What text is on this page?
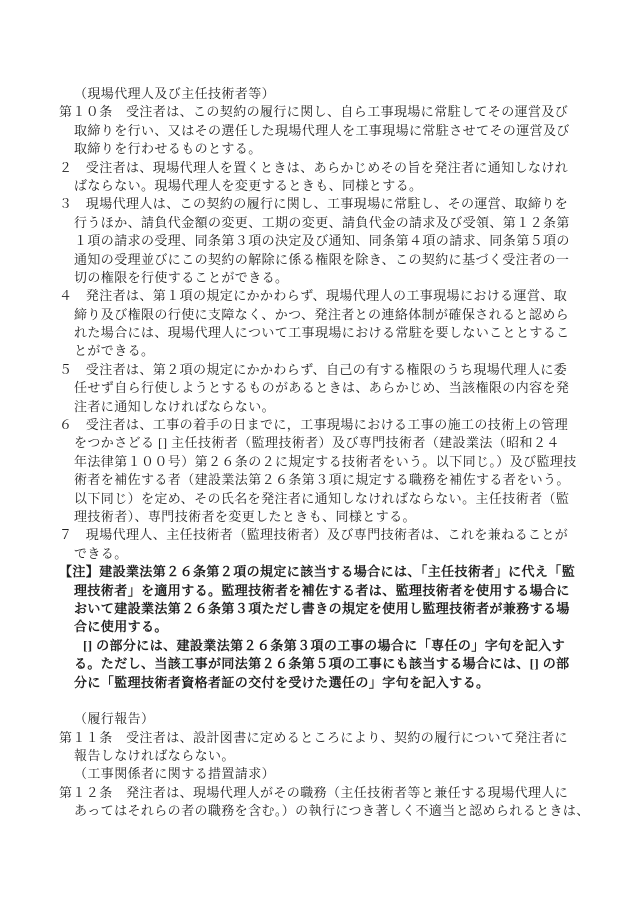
（現場代理人及び主任技術者等）
第１０条　受注者は、この契約の履行に関し、自ら工事現場に常駐してその運営及び
取締りを行い、又はその選任した現場代理人を工事現場に常駐させてその運営及び
取締りを行わせるものとする。
２　受注者は、現場代理人を置くときは、あらかじめその旨を発注者に通知しなけれ
ばならない。現場代理人を変更するときも、同様とする。
３　現場代理人は、この契約の履行に関し、工事現場に常駐し、その運営、取締りを
行うほか、請負代金額の変更、工期の変更、請負代金の請求及び受領、第１２条第
１項の請求の受理、同条第３項の決定及び通知、同条第４項の請求、同条第５項の
通知の受理並びにこの契約の解除に係る権限を除き、この契約に基づく受注者の一
切の権限を行使することができる。
４　発注者は、第１項の規定にかかわらず、現場代理人の工事現場における運営、取
締り及び権限の行使に支障なく、かつ、発注者との連絡体制が確保されると認めら
れた場合には、現場代理人について工事現場における常駐を要しないこととするこ
とができる。
５　受注者は、第２項の規定にかかわらず、自己の有する権限のうち現場代理人に委
任せず自ら行使しようとするものがあるときは、あらかじめ、当該権限の内容を発
注者に通知しなければならない。
６　受注者は、工事の着手の日までに，工事現場における工事の施工の技術上の管理
をつかさどる [] 主任技術者（監理技術者）及び専門技術者（建設業法（昭和２４
年法律第１００号）第２６条の２に規定する技術者をいう。以下同じ。）及び監理技
術者を補佐する者（建設業法第２６条第３項に規定する職務を補佐する者をいう。
以下同じ）を定め、その氏名を発注者に通知しなければならない。主任技術者（監
理技術者）、専門技術者を変更したときも、同様とする。
７　現場代理人、主任技術者（監理技術者）及び専門技術者は、これを兼ねることが
できる。
【注】建設業法第２６条第２項の規定に該当する場合には、「主任技術者」に代え「監
理技術者」を適用する。監理技術者を補佐する者は、監理技術者を使用する場合に
おいて建設業法第２６条第３項ただし書きの規定を使用し監理技術者が兼務する場
合に使用する。
[] の部分には、建設業法第２６条第３項の工事の場合に「専任の」字句を記入す
る。ただし、当該工事が同法第２６条第５項の工事にも該当する場合には、[] の部
分に「監理技術者資格者証の交付を受けた選任の」字句を記入する。
（履行報告）
第１１条　受注者は、設計図書に定めるところにより、契約の履行について発注者に
報告しなければならない。
（工事関係者に関する措置請求）
第１２条　発注者は、現場代理人がその職務（主任技術者等と兼任する現場代理人に
あってはそれらの者の職務を含む。）の執行につき著しく不適当と認められるときは、
